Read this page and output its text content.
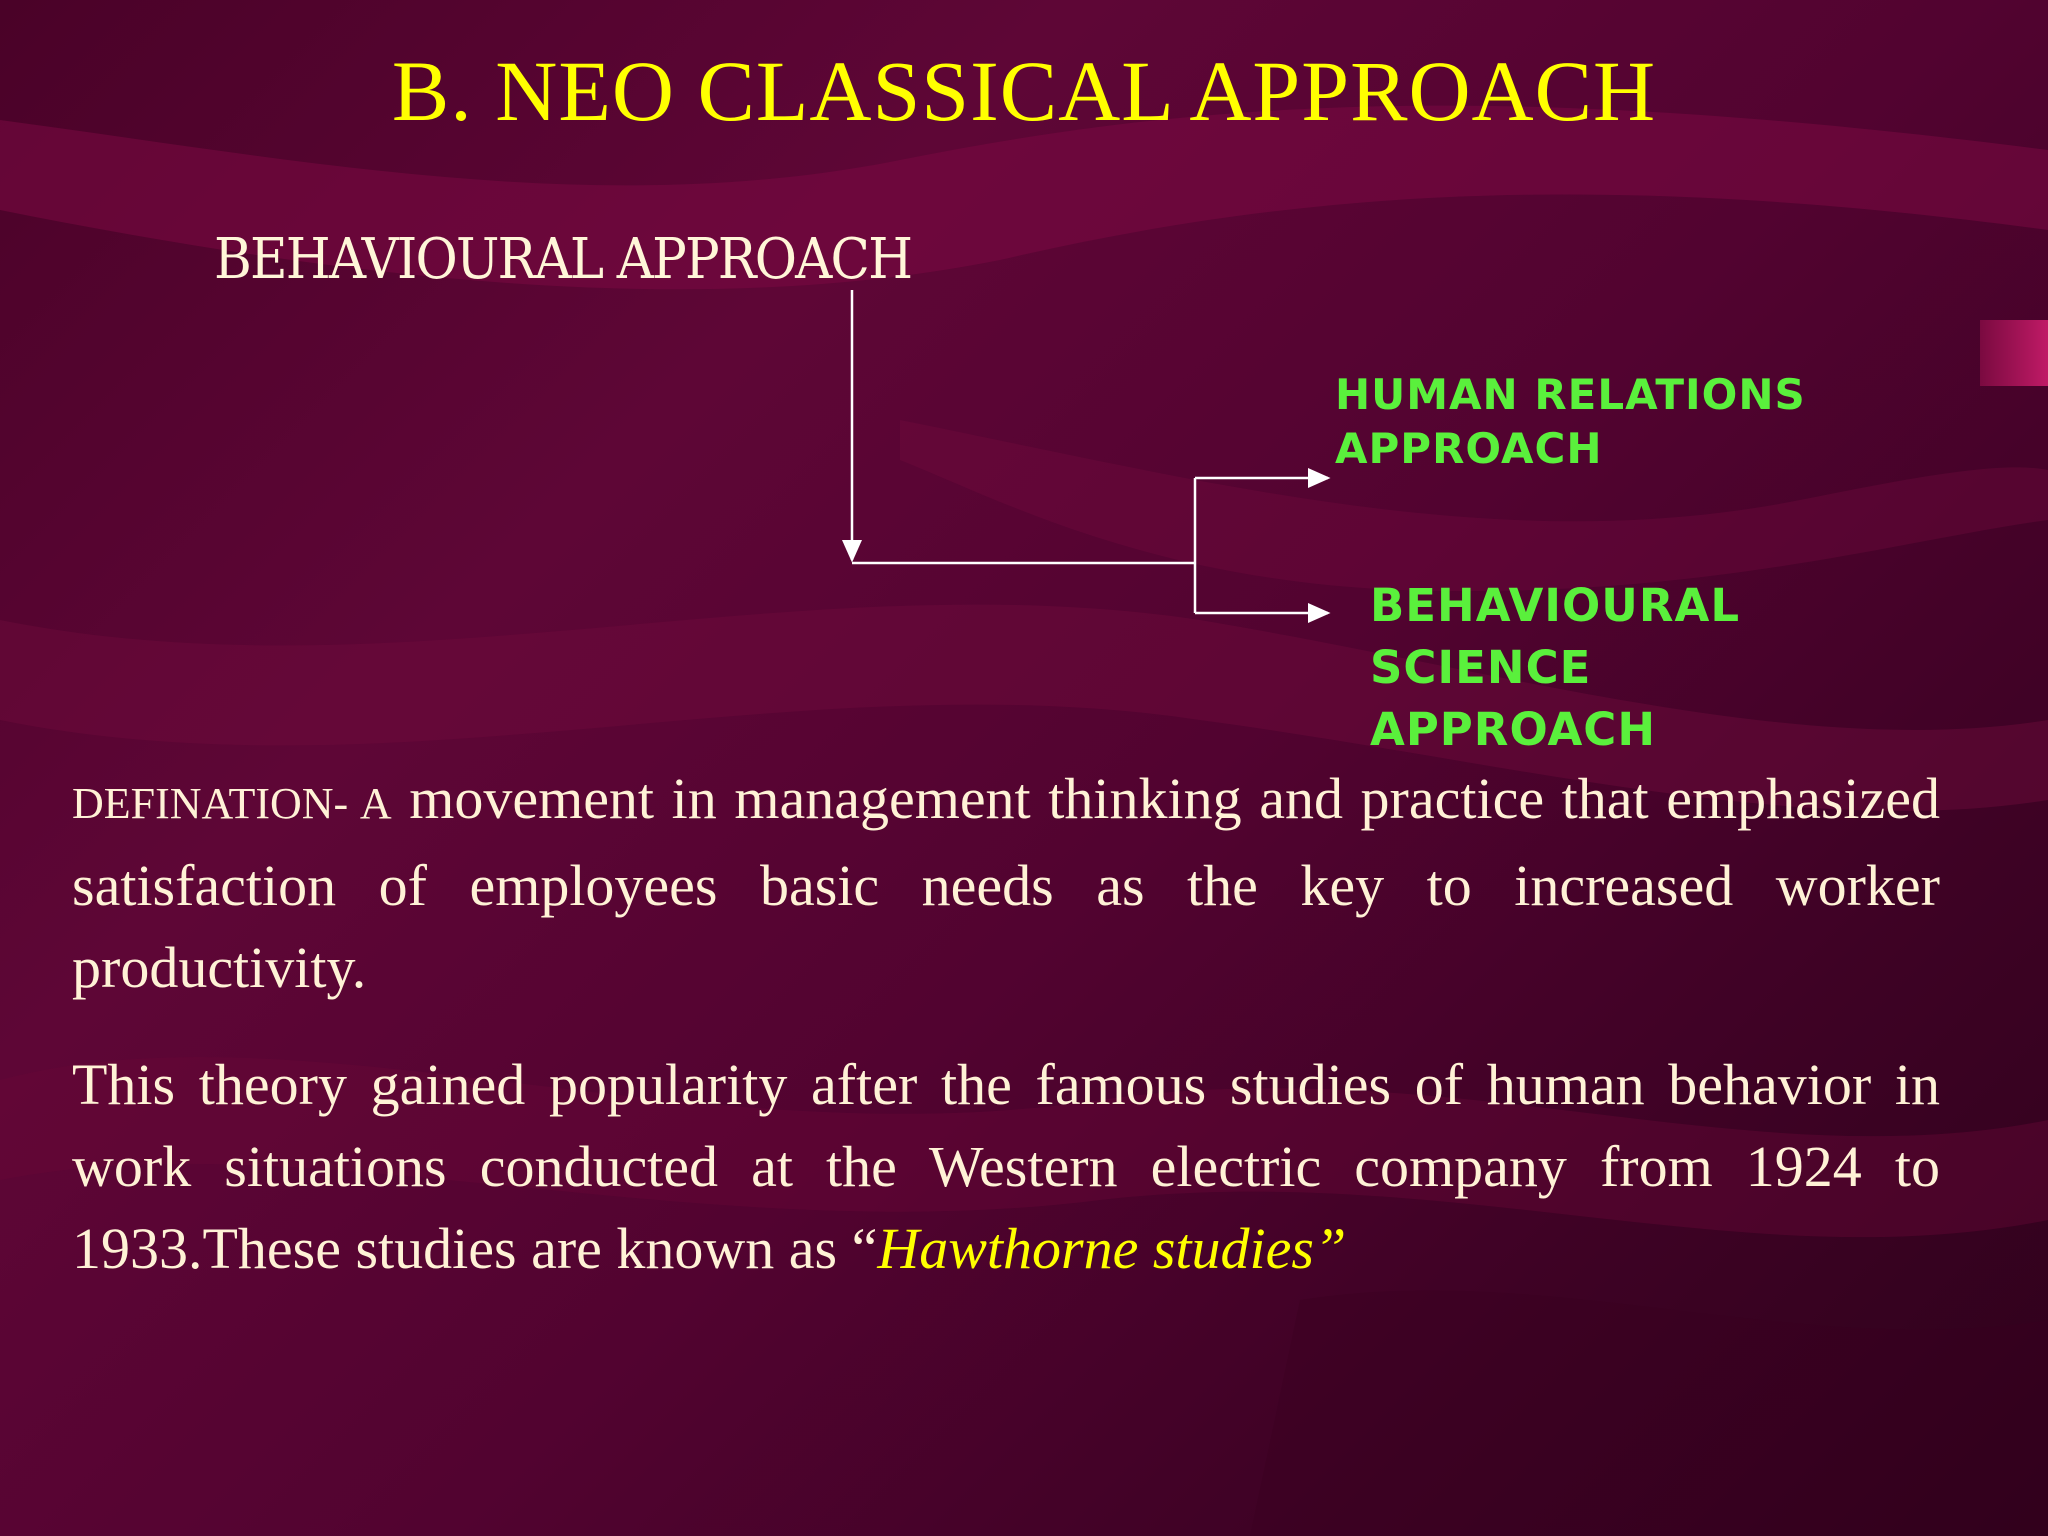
B. NEO CLASSICAL APPROACH
BEHAVIOURAL APPROACH
HUMAN RELATIONS
APPROACH
BEHAVIOURAL
SCIENCE
APPROACH
DEFINATION- A movement in management thinking and practice that emphasized satisfaction of employees basic needs as the key to increased worker productivity.
This theory gained popularity after the famous studies of human behavior in work situations conducted at the Western electric company from 1924 to 1933.These studies are known as “Hawthorne studies”
